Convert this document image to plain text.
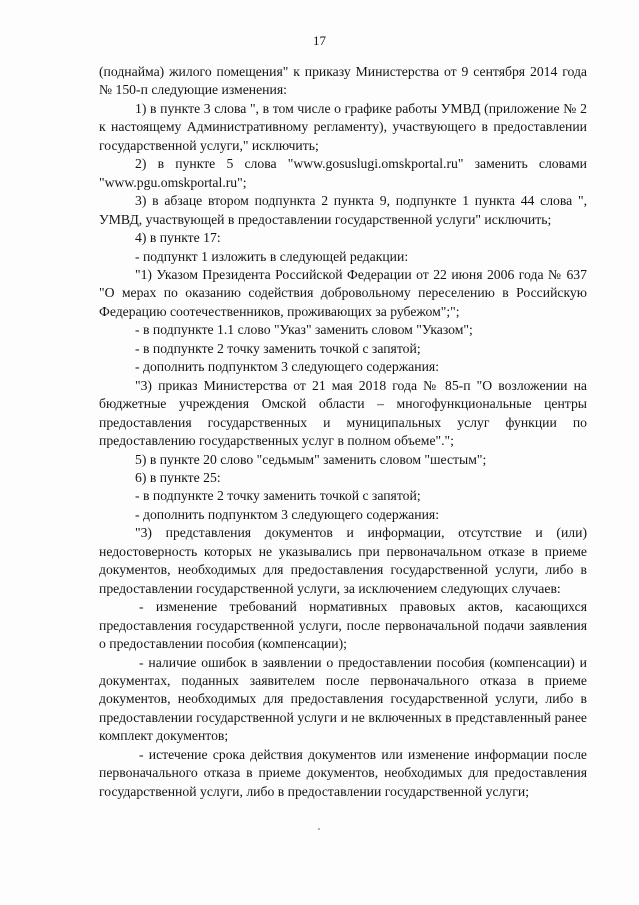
17

(поднайма) жилого помещения" к приказу Министерства от 9 сентября 2014 года № 150-п следующие изменения:

1) в пункте 3 слова ", в том числе о графике работы УМВД (приложение № 2 к настоящему Административному регламенту), участвующего в предоставлении государственной услуги," исключить;

2) в пункте 5 слова "www.gosuslugi.omskportal.ru" заменить словами "www.pgu.omskportal.ru";

3) в абзаце втором подпункта 2 пункта 9, подпункте 1 пункта 44 слова ", УМВД, участвующей в предоставлении государственной услуги" исключить;

4) в пункте 17:

- подпункт 1 изложить в следующей редакции:

"1) Указом Президента Российской Федерации от 22 июня 2006 года № 637 "О мерах по оказанию содействия добровольному переселению в Российскую Федерацию соотечественников, проживающих за рубежом";";

- в подпункте 1.1 слово "Указ" заменить словом "Указом";

- в подпункте 2 точку заменить точкой с запятой;

- дополнить подпунктом 3 следующего содержания:

"3) приказ Министерства от 21 мая 2018 года № 85-п "О возложении на бюджетные учреждения Омской области – многофункциональные центры предоставления государственных и муниципальных услуг функции по предоставлению государственных услуг в полном объеме".";

5) в пункте 20 слово "седьмым" заменить словом "шестым";

6) в пункте 25:

- в подпункте 2 точку заменить точкой с запятой;

- дополнить подпунктом 3 следующего содержания:

"3) представления документов и информации, отсутствие и (или) недостоверность которых не указывались при первоначальном отказе в приеме документов, необходимых для предоставления государственной услуги, либо в предоставлении государственной услуги, за исключением следующих случаев:

- изменение требований нормативных правовых актов, касающихся предоставления государственной услуги, после первоначальной подачи заявления о предоставлении пособия (компенсации);

- наличие ошибок в заявлении о предоставлении пособия (компенсации) и документах, поданных заявителем после первоначального отказа в приеме документов, необходимых для предоставления государственной услуги, либо в предоставлении государственной услуги и не включенных в представленный ранее комплект документов;

- истечение срока действия документов или изменение информации после первоначального отказа в приеме документов, необходимых для предоставления государственной услуги, либо в предоставлении государственной услуги;
